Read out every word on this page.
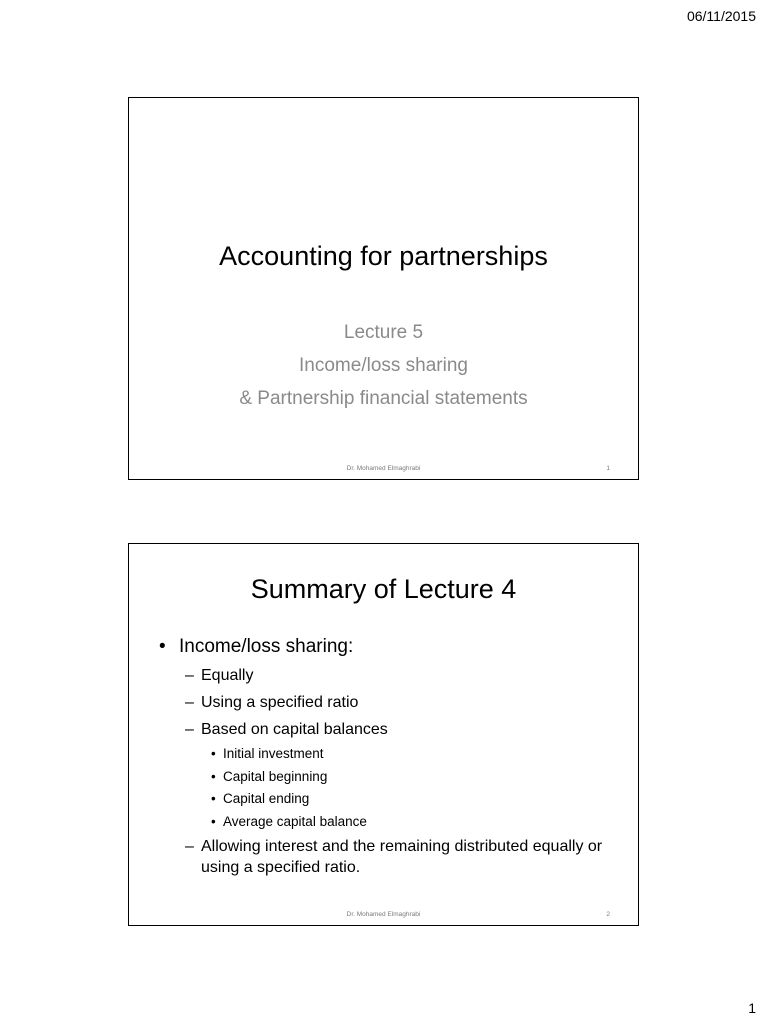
06/11/2015
Accounting for partnerships
Lecture 5
Income/loss sharing
& Partnership financial statements
Dr. Mohamed Elmaghrabi	1
Summary of Lecture 4
• Income/loss sharing:
– Equally
– Using a specified ratio
– Based on capital balances
• Initial investment
• Capital beginning
• Capital ending
• Average capital balance
– Allowing interest and the remaining distributed equally or using a specified ratio.
Dr. Mohamed Elmaghrabi	2
1
